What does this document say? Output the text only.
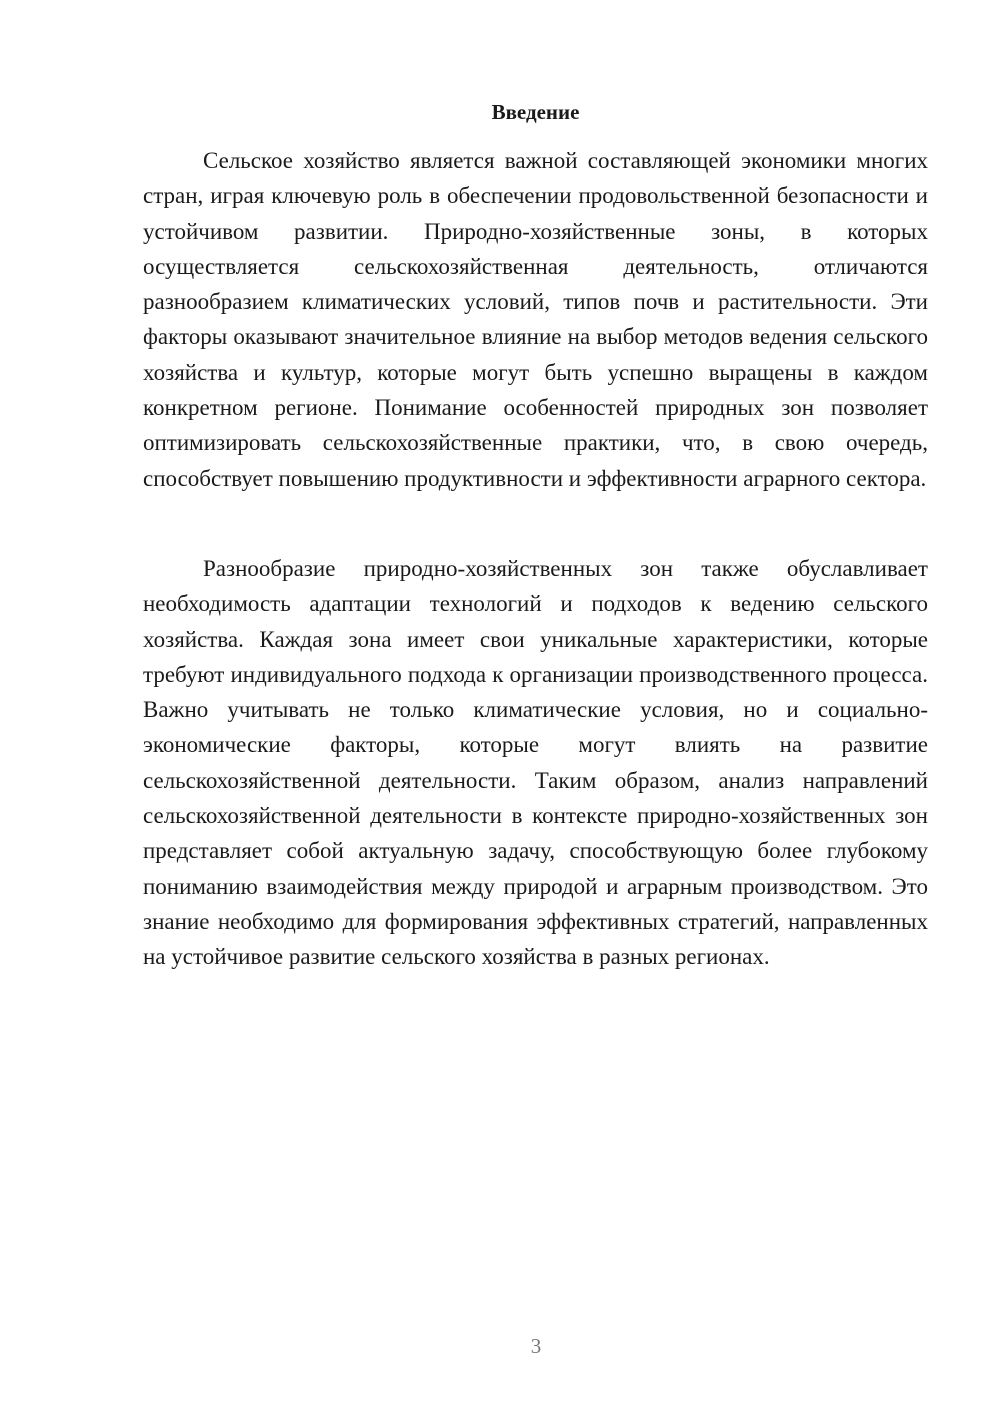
Введение

Сельское хозяйство является важной составляющей экономики многих стран, играя ключевую роль в обеспечении продовольственной безопасности и устойчивом развитии. Природно-хозяйственные зоны, в которых осуществляется сельскохозяйственная деятельность, отличаются разнообразием климатических условий, типов почв и растительности. Эти факторы оказывают значительное влияние на выбор методов ведения сельского хозяйства и культур, которые могут быть успешно выращены в каждом конкретном регионе. Понимание особенностей природных зон позволяет оптимизировать сельскохозяйственные практики, что, в свою очередь, способствует повышению продуктивности и эффективности аграрного сектора.

Разнообразие природно-хозяйственных зон также обуславливает необходимость адаптации технологий и подходов к ведению сельского хозяйства. Каждая зона имеет свои уникальные характеристики, которые требуют индивидуального подхода к организации производственного процесса. Важно учитывать не только климатические условия, но и социально-экономические факторы, которые могут влиять на развитие сельскохозяйственной деятельности. Таким образом, анализ направлений сельскохозяйственной деятельности в контексте природно-хозяйственных зон представляет собой актуальную задачу, способствующую более глубокому пониманию взаимодействия между природой и аграрным производством. Это знание необходимо для формирования эффективных стратегий, направленных на устойчивое развитие сельского хозяйства в разных регионах.

3
